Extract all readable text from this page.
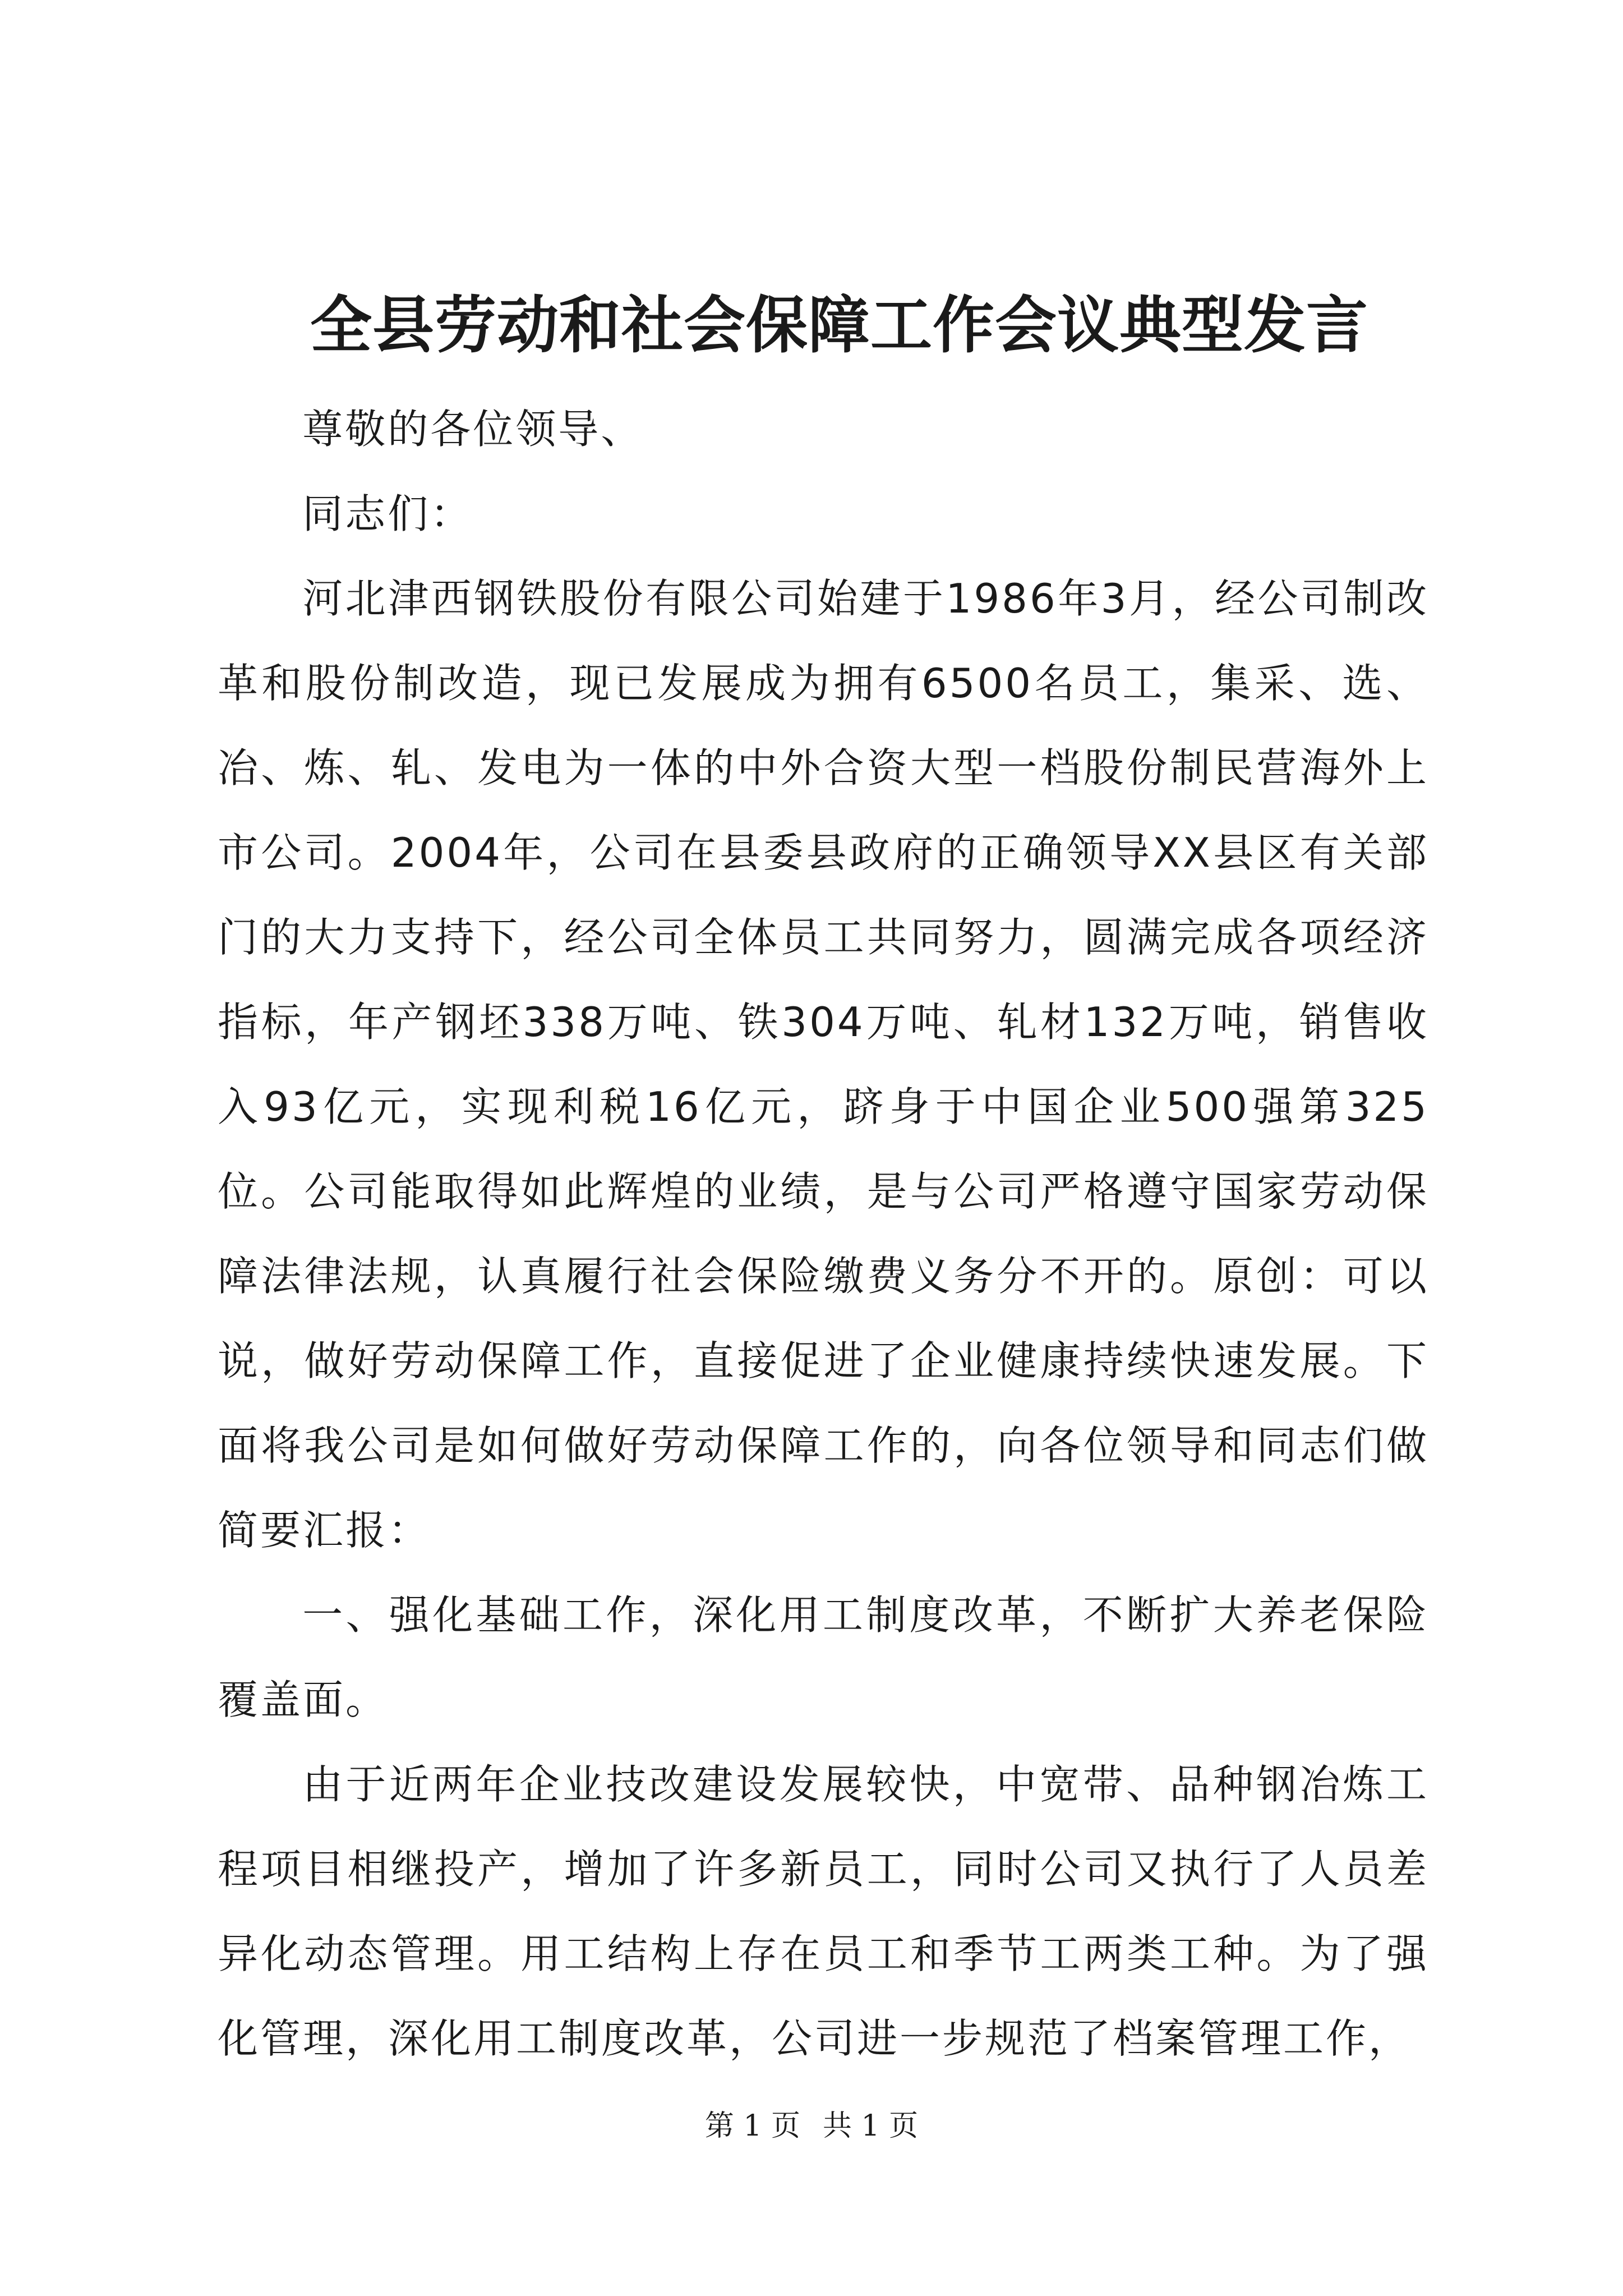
全县劳动和社会保障工作会议典型发言

尊敬的各位领导、

同志们：

河北津西钢铁股份有限公司始建于1986年3月，经公司制改革和股份制改造，现已发展成为拥有6500名员工，集采、选、冶、炼、轧、发电为一体的中外合资大型一档股份制民营海外上市公司。2004年，公司在县委县政府的正确领导XX县区有关部门的大力支持下，经公司全体员工共同努力，圆满完成各项经济指标，年产钢坯338万吨、铁304万吨、轧材132万吨，销售收入93亿元，实现利税16亿元，跻身于中国企业500强第325位。公司能取得如此辉煌的业绩，是与公司严格遵守国家劳动保障法律法规，认真履行社会保险缴费义务分不开的。原创：可以说，做好劳动保障工作，直接促进了企业健康持续快速发展。下面将我公司是如何做好劳动保障工作的，向各位领导和同志们做简要汇报：

一、强化基础工作，深化用工制度改革，不断扩大养老保险覆盖面。

由于近两年企业技改建设发展较快，中宽带、品种钢冶炼工程项目相继投产，增加了许多新员工，同时公司又执行了人员差异化动态管理。用工结构上存在员工和季节工两类工种。为了强化管理，深化用工制度改革，公司进一步规范了档案管理工作，

第 1 页 共 1 页
